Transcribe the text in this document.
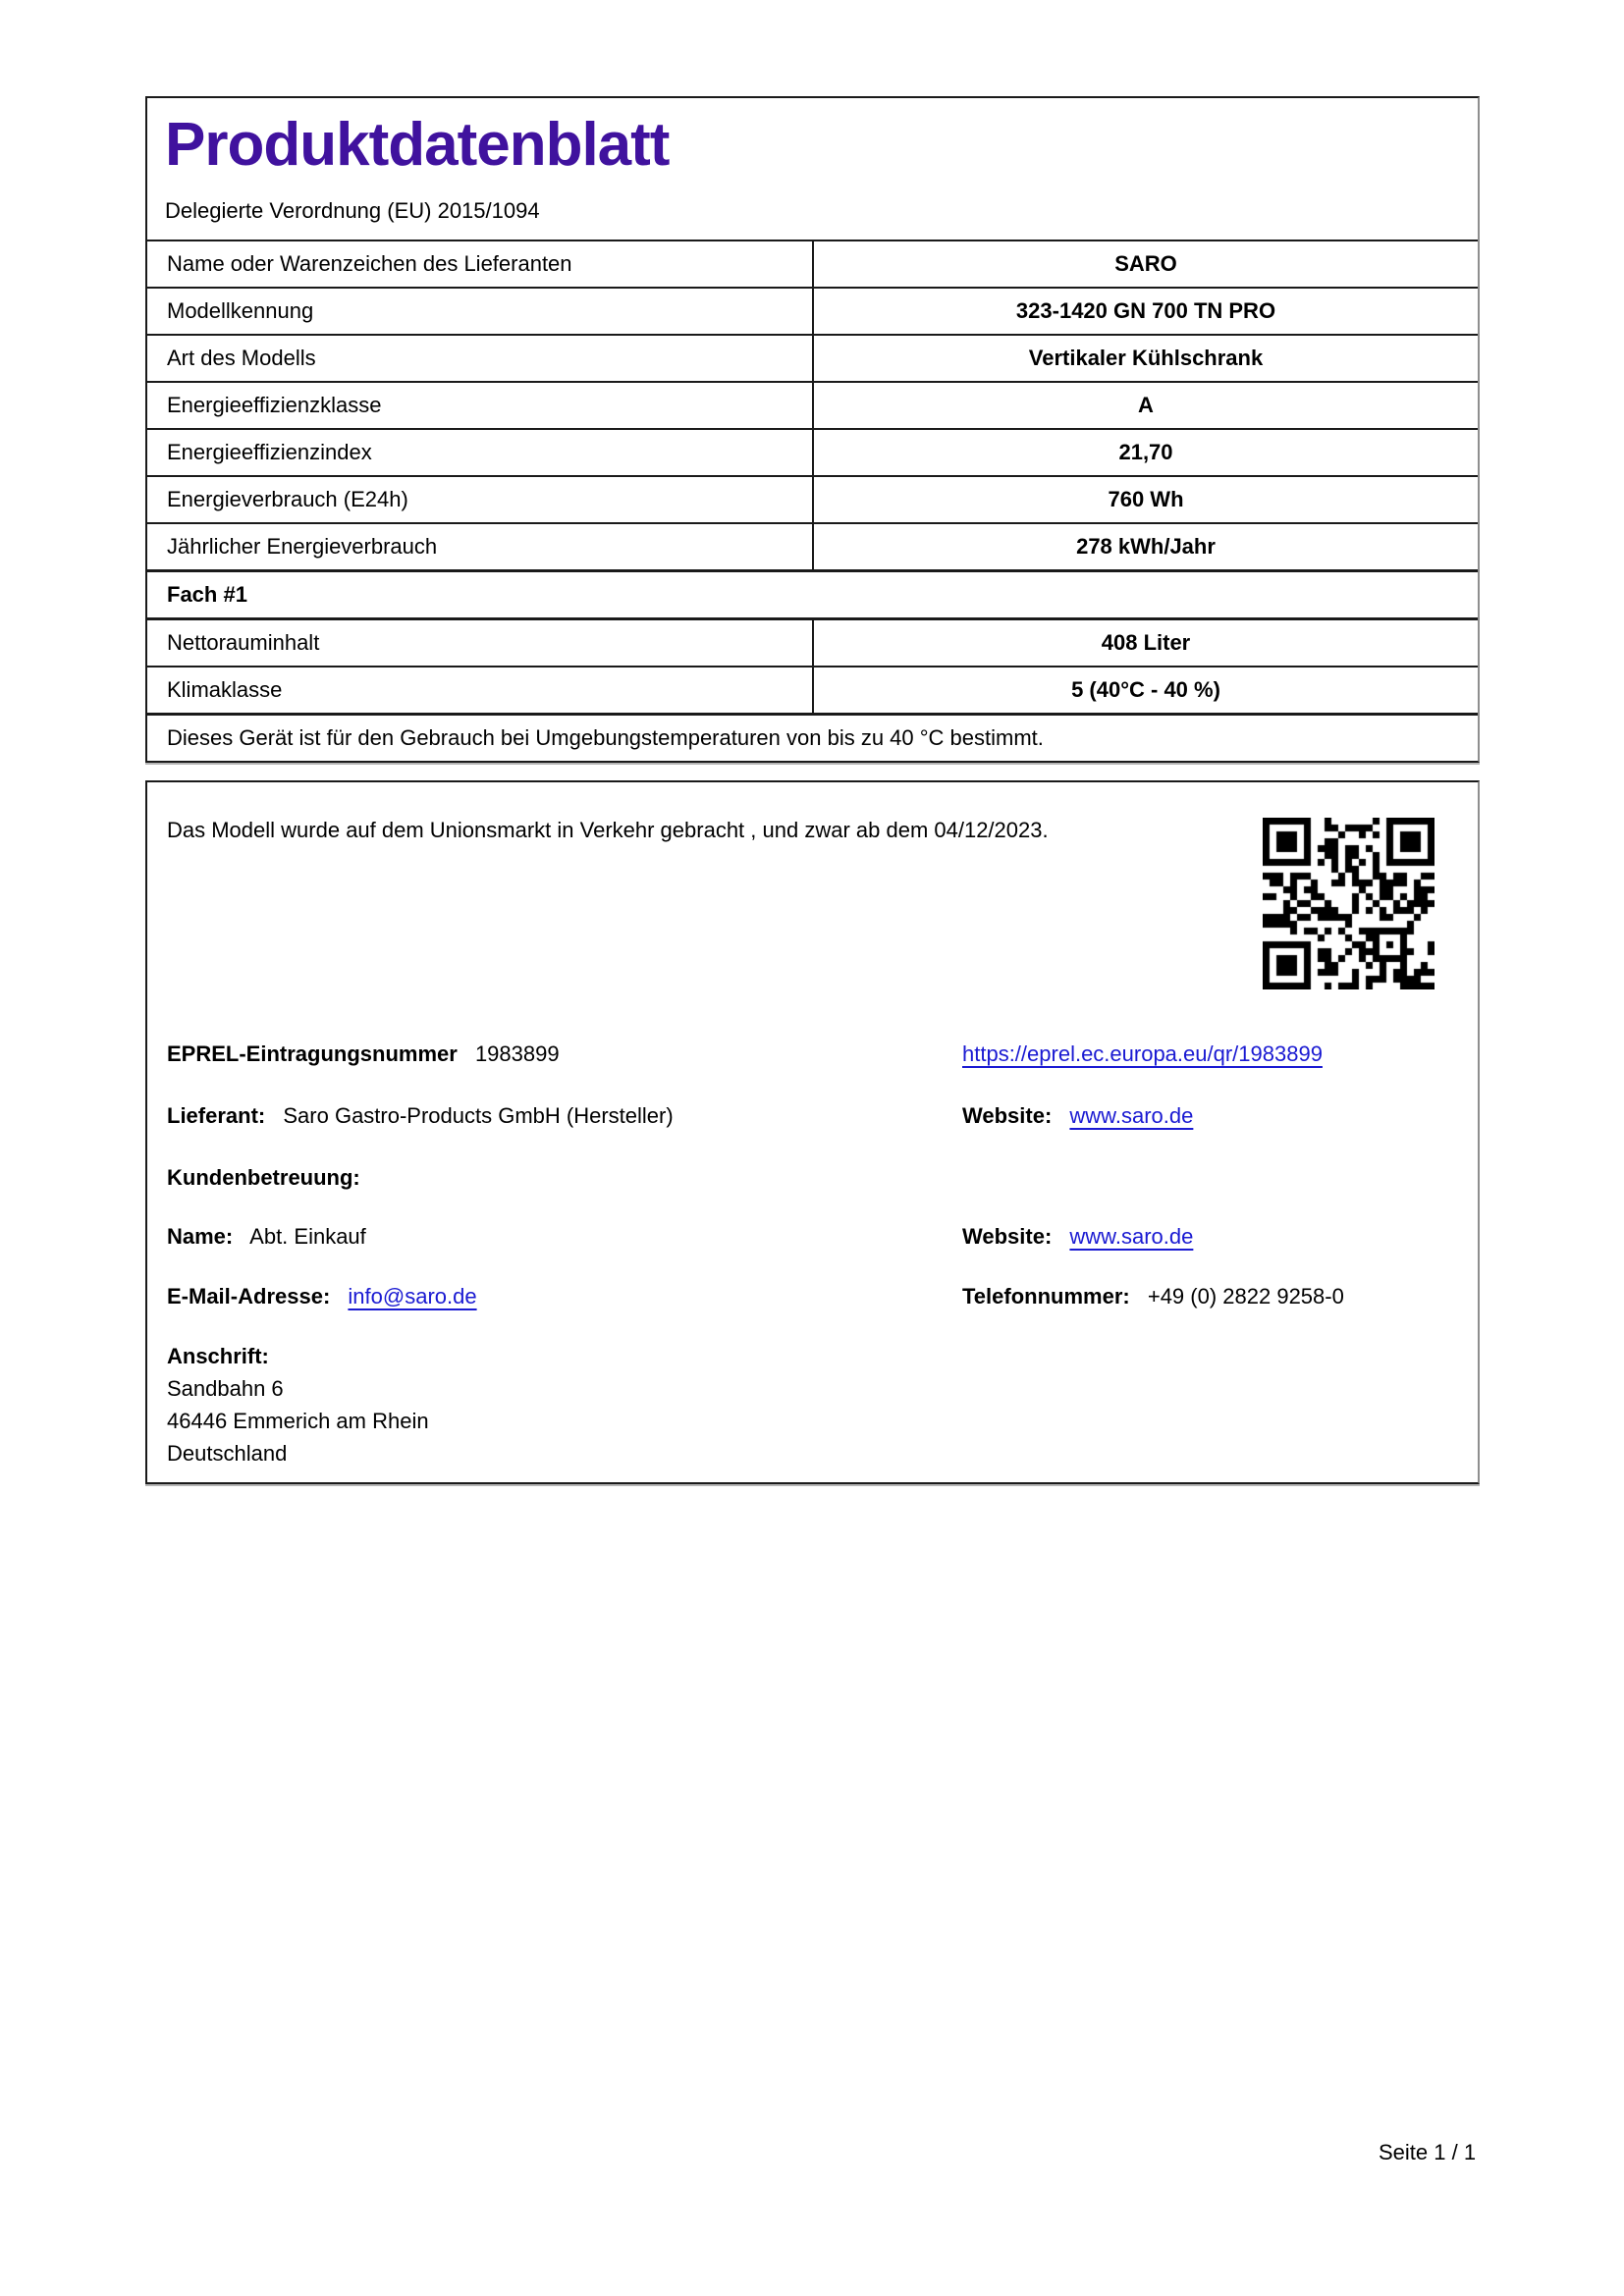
Produktdatenblatt
Delegierte Verordnung (EU) 2015/1094
Name oder Warenzeichen des Lieferanten	SARO
Modellkennung	323-1420 GN 700 TN PRO
Art des Modells	Vertikaler Kühlschrank
Energieeffizienzklasse	A
Energieeffizienzindex	21,70
Energieverbrauch (E24h)	760 Wh
Jährlicher Energieverbrauch	278 kWh/Jahr
Fach #1
Nettorauminhalt	408 Liter
Klimaklasse	5 (40°C - 40 %)
Dieses Gerät ist für den Gebrauch bei Umgebungstemperaturen von bis zu 40 °C bestimmt.
Das Modell wurde auf dem Unionsmarkt in Verkehr gebracht , und zwar ab dem 04/12/2023.
EPREL-Eintragungsnummer 1983899	https://eprel.ec.europa.eu/qr/1983899
Lieferant: Saro Gastro-Products GmbH (Hersteller)	Website: www.saro.de
Kundenbetreuung:
Name: Abt. Einkauf	Website: www.saro.de
E-Mail-Adresse: info@saro.de	Telefonnummer: +49 (0) 2822 9258-0
Anschrift:
Sandbahn 6
46446 Emmerich am Rhein
Deutschland
Seite 1 / 1
